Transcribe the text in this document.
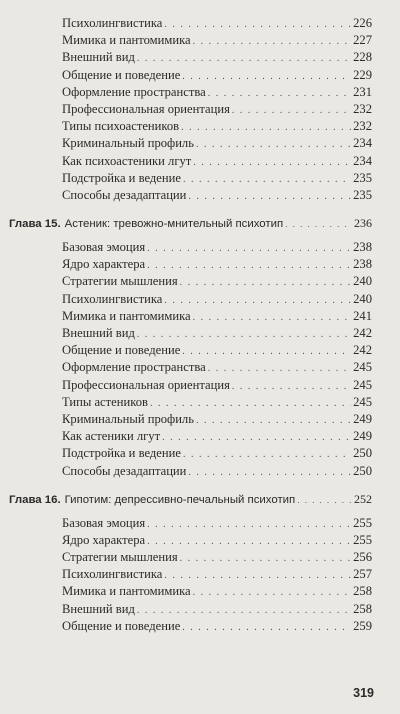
Психолингвистика . . .	226
Мимика и пантомимика . . .	227
Внешний вид . . .	228
Общение и поведение . . .	229
Оформление пространства . . .	231
Профессиональная ориентация . . .	232
Типы психоастеников . . .	232
Криминальный профиль . . .	234
Как психоастеники лгут . . .	234
Подстройка и ведение . . .	235
Способы дезадаптации . . .	235
Глава 15. Астеник: тревожно-мнительный психотип . . .	236
Базовая эмоция . . .	238
Ядро характера . . .	238
Стратегии мышления . . .	240
Психолингвистика . . .	240
Мимика и пантомимика . . .	241
Внешний вид . . .	242
Общение и поведение . . .	242
Оформление пространства . . .	245
Профессиональная ориентация . . .	245
Типы астеников . . .	245
Криминальный профиль . . .	249
Как астеники лгут . . .	249
Подстройка и ведение . . .	250
Способы дезадаптации . . .	250
Глава 16. Гипотим: депрессивно-печальный психотип . . .	252
Базовая эмоция . . .	255
Ядро характера . . .	255
Стратегии мышления . . .	256
Психолингвистика . . .	257
Мимика и пантомимика . . .	258
Внешний вид . . .	258
Общение и поведение . . .	259
319
